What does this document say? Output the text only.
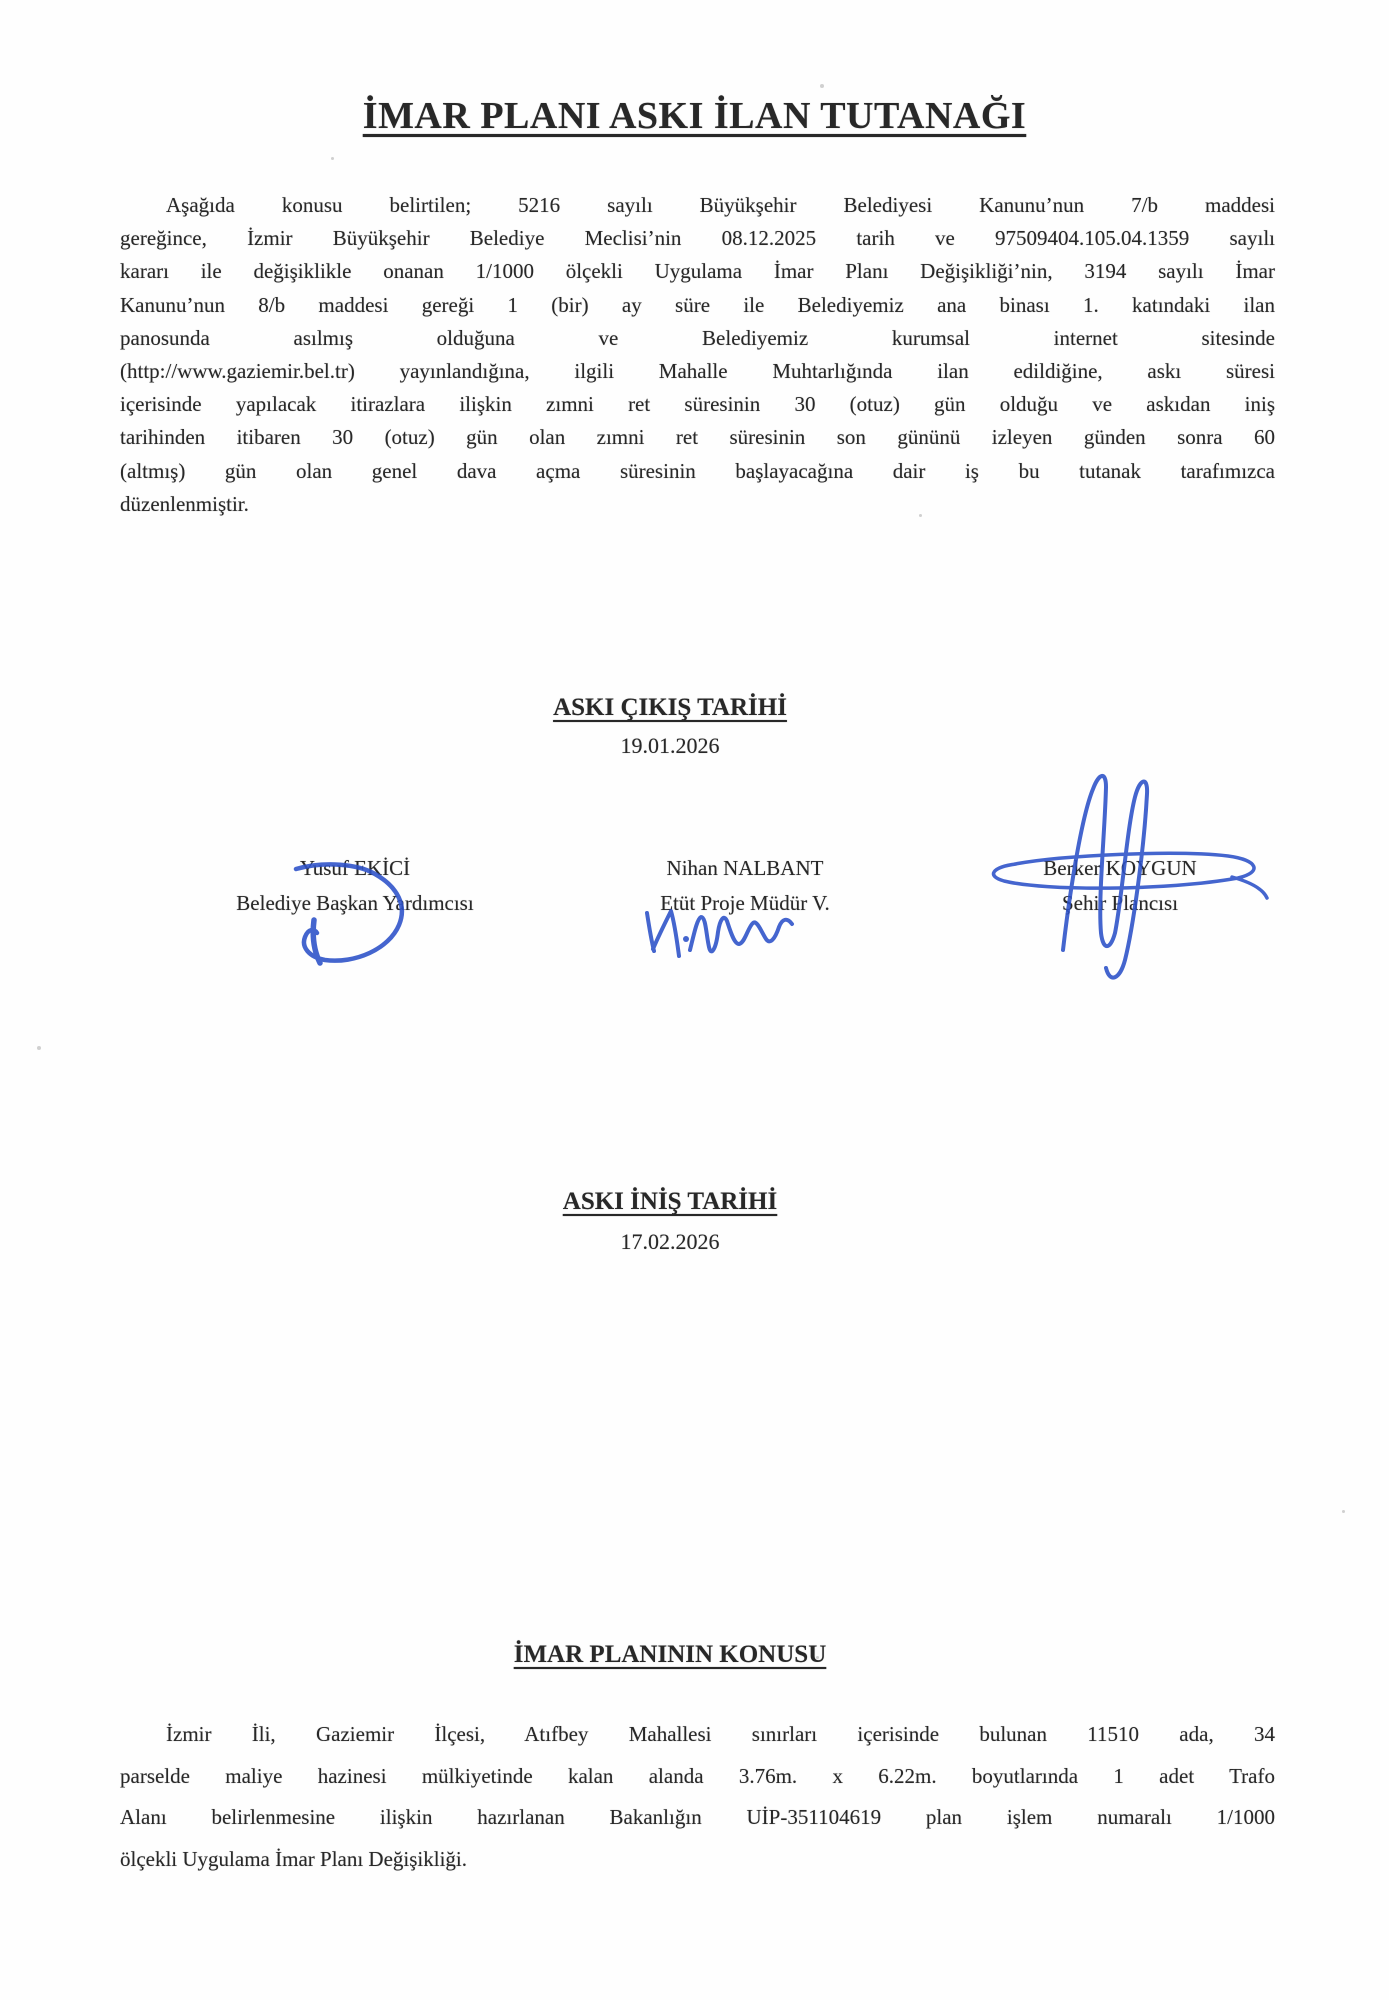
İMAR PLANI ASKI İLAN TUTANAĞI
Aşağıda konusu belirtilen; 5216 sayılı Büyükşehir Belediyesi Kanunu’nun 7/b maddesi
gereğince, İzmir Büyükşehir Belediye Meclisi’nin 08.12.2025 tarih ve 97509404.105.04.1359 sayılı
kararı ile değişiklikle onanan 1/1000 ölçekli Uygulama İmar Planı Değişikliği’nin, 3194 sayılı İmar
Kanunu’nun 8/b maddesi gereği 1 (bir) ay süre ile Belediyemiz ana binası 1. katındaki ilan
panosunda asılmış olduğuna ve Belediyemiz kurumsal internet sitesinde
(http://www.gaziemir.bel.tr) yayınlandığına, ilgili Mahalle Muhtarlığında ilan edildiğine, askı süresi
içerisinde yapılacak itirazlara ilişkin zımni ret süresinin 30 (otuz) gün olduğu ve askıdan iniş
tarihinden itibaren 30 (otuz) gün olan zımni ret süresinin son gününü izleyen günden sonra 60
(altmış) gün olan genel dava açma süresinin başlayacağına dair iş bu tutanak tarafımızca
düzenlenmiştir.
ASKI ÇIKIŞ TARİHİ
19.01.2026
Yusuf EKİCİ
Belediye Başkan Yardımcısı
Nihan NALBANT
Etüt Proje Müdür V.
Berker KOYGUN
Şehir Plancısı
ASKI İNİŞ TARİHİ
17.02.2026
İMAR PLANININ KONUSU
İzmir İli, Gaziemir İlçesi, Atıfbey Mahallesi sınırları içerisinde bulunan 11510 ada, 34
parselde maliye hazinesi mülkiyetinde kalan alanda 3.76m. x 6.22m. boyutlarında 1 adet Trafo
Alanı belirlenmesine ilişkin hazırlanan Bakanlığın UİP-351104619 plan işlem numaralı 1/1000
ölçekli Uygulama İmar Planı Değişikliği.
